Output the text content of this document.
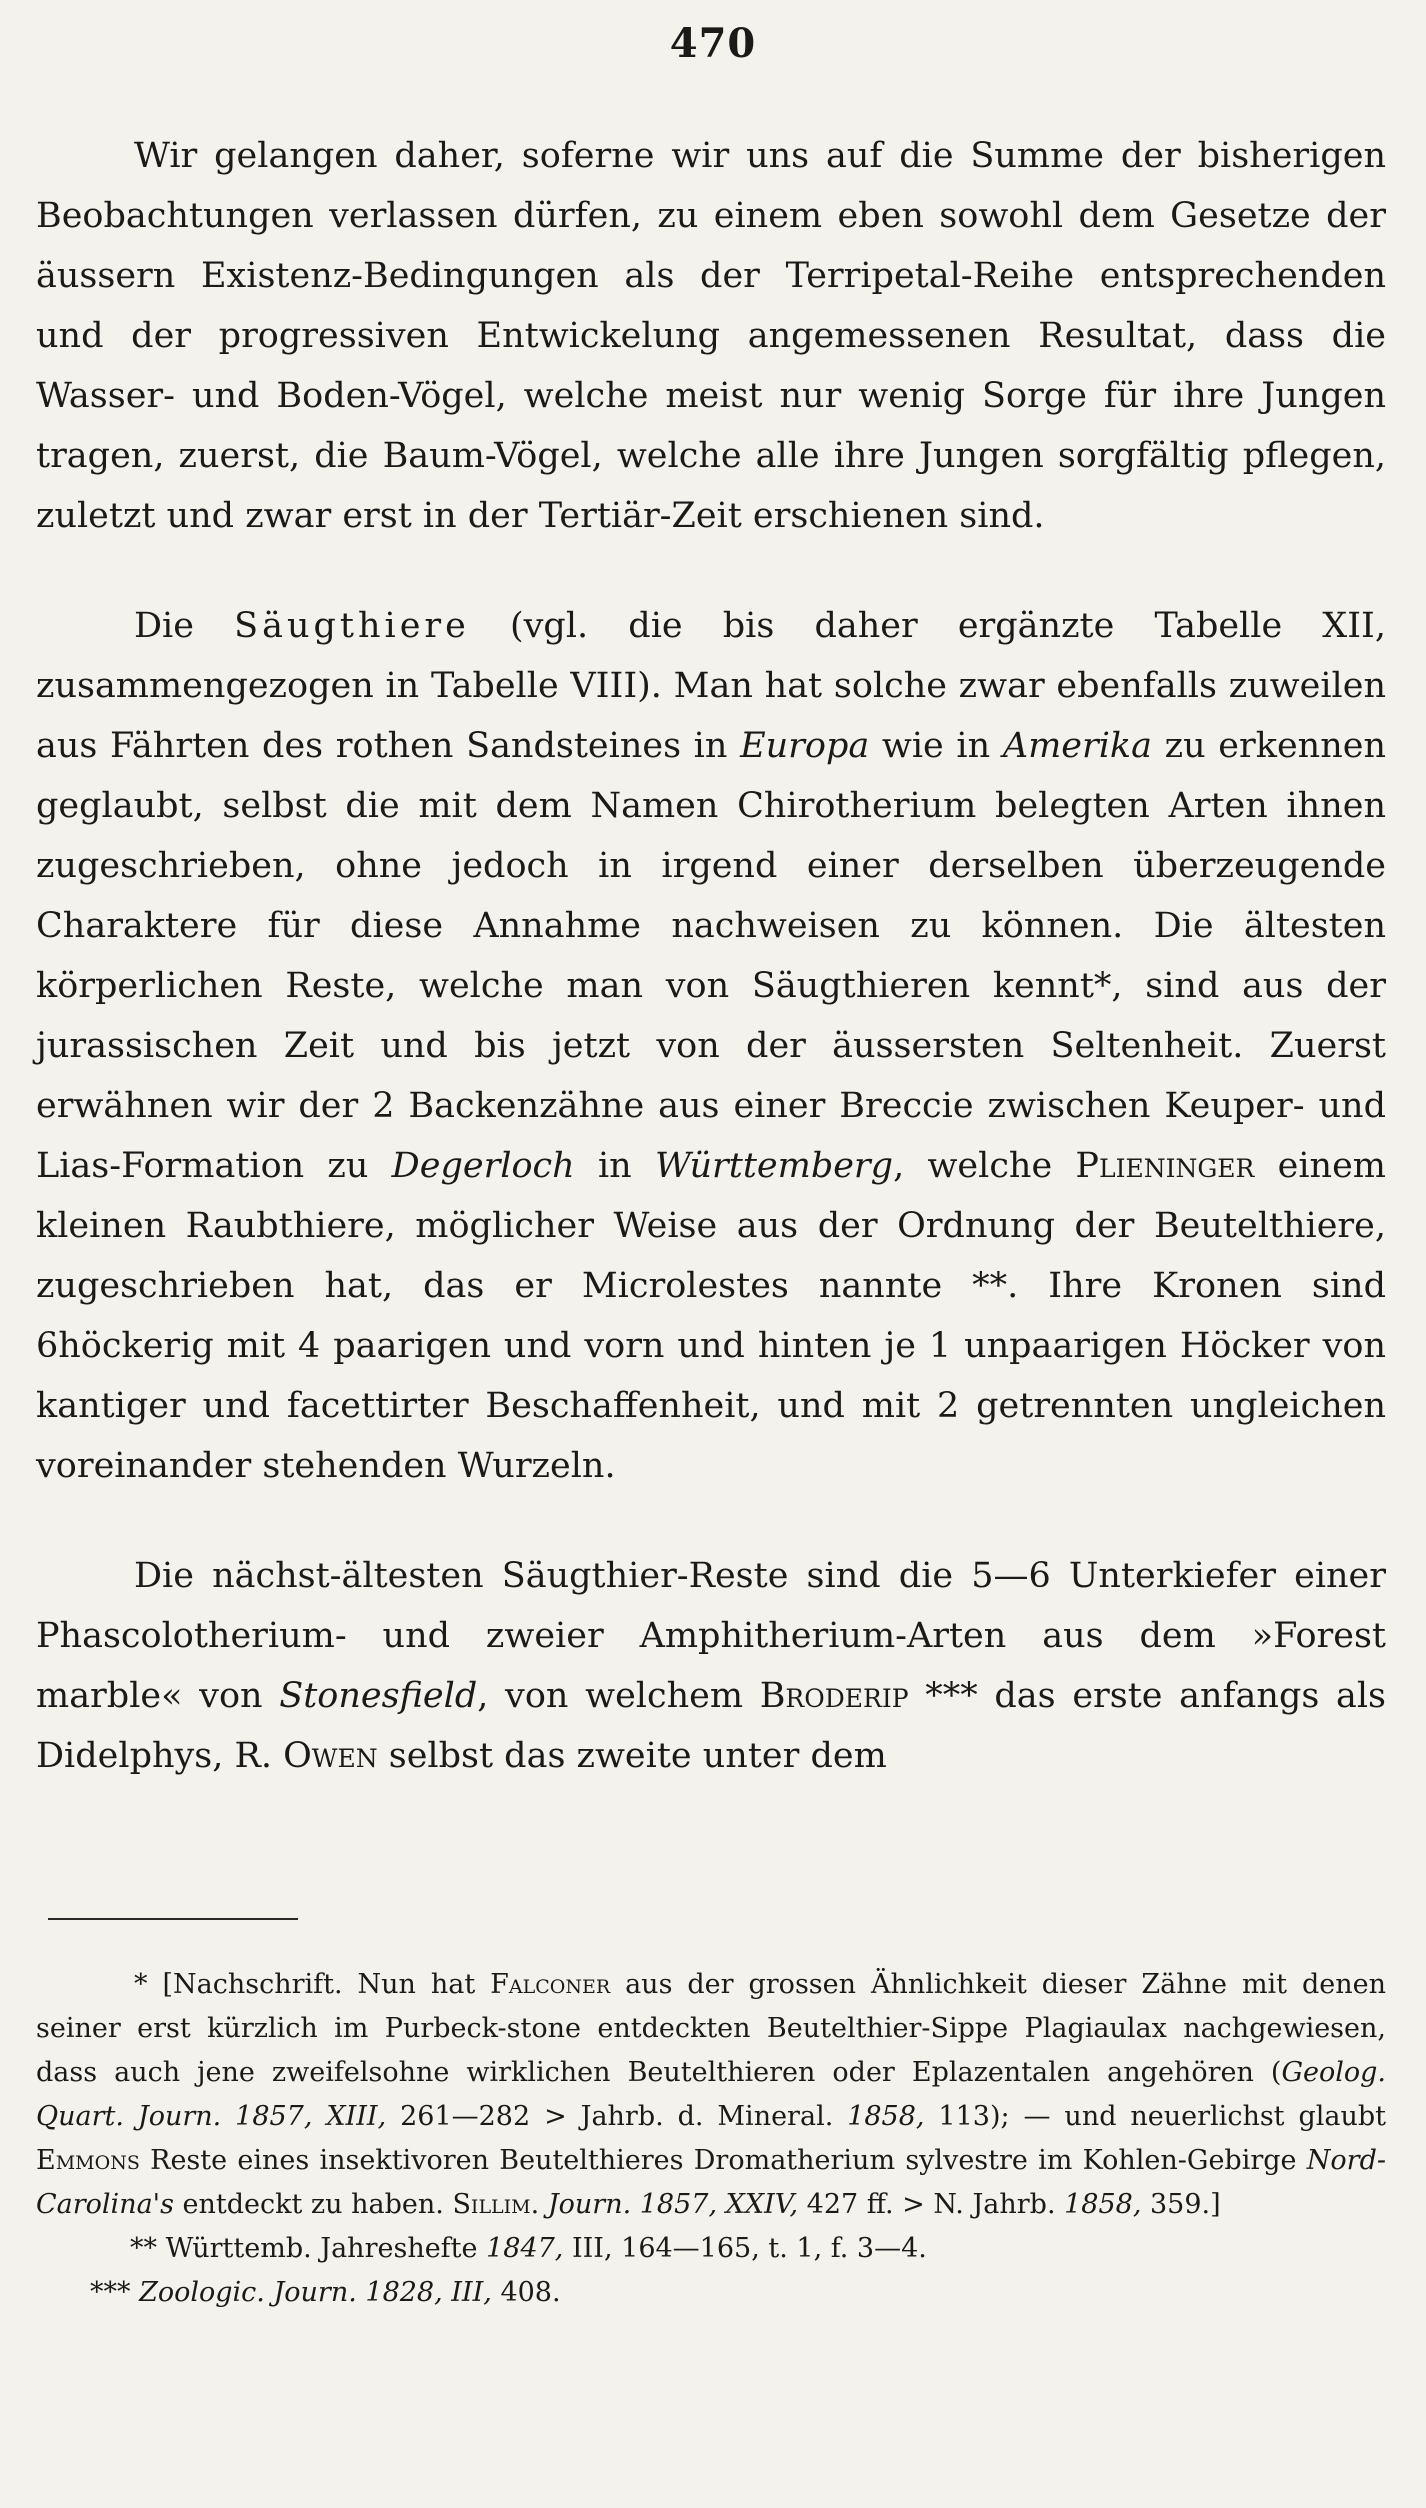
470

Wir gelangen daher, soferne wir uns auf die Summe der bisherigen Beobachtungen verlassen dürfen, zu einem eben sowohl dem Gesetze der äussern Existenz-Bedingungen als der Terripetal-Reihe entsprechenden und der progressiven Entwickelung angemessenen Resultat, dass die Wasser- und Boden-Vögel, welche meist nur wenig Sorge für ihre Jungen tragen, zuerst, die Baum-Vögel, welche alle ihre Jungen sorgfältig pflegen, zuletzt und zwar erst in der Tertiär-Zeit erschienen sind.

Die Säugthiere (vgl. die bis daher ergänzte Tabelle XII, zusammengezogen in Tabelle VIII). Man hat solche zwar ebenfalls zuweilen aus Fährten des rothen Sandsteines in Europa wie in Amerika zu erkennen geglaubt, selbst die mit dem Namen Chirotherium belegten Arten ihnen zugeschrieben, ohne jedoch in irgend einer derselben überzeugende Charaktere für diese Annahme nachweisen zu können. Die ältesten körperlichen Reste, welche man von Säugthieren kennt*, sind aus der jurassischen Zeit und bis jetzt von der äussersten Seltenheit. Zuerst erwähnen wir der 2 Backenzähne aus einer Breccie zwischen Keuper- und Lias-Formation zu Degerloch in Württemberg, welche Plieninger einem kleinen Raubthiere, möglicher Weise aus der Ordnung der Beutelthiere, zugeschrieben hat, das er Microlestes nannte **. Ihre Kronen sind 6höckerig mit 4 paarigen und vorn und hinten je 1 unpaarigen Höcker von kantiger und facettirter Beschaffenheit, und mit 2 getrennten ungleichen voreinander stehenden Wurzeln.

Die nächst-ältesten Säugthier-Reste sind die 5—6 Unterkiefer einer Phascolotherium- und zweier Amphitherium-Arten aus dem »Forest marble« von Stonesfield, von welchem Broderip *** das erste anfangs als Didelphys, R. Owen selbst das zweite unter dem

* [Nachschrift. Nun hat Falconer aus der grossen Ähnlichkeit dieser Zähne mit denen seiner erst kürzlich im Purbeck-stone entdeckten Beutelthier-Sippe Plagiaulax nachgewiesen, dass auch jene zweifelsohne wirklichen Beutelthieren oder Eplazentalen angehören (Geolog. Quart. Journ. 1857, XIII, 261—282 > Jahrb. d. Mineral. 1858, 113); — und neuerlichst glaubt Emmons Reste eines insektivoren Beutelthieres Dromatherium sylvestre im Kohlen-Gebirge Nord-Carolina's entdeckt zu haben. Sillim. Journ. 1857, XXIV, 427 ff. > N. Jahrb. 1858, 359.]

** Württemb. Jahreshefte 1847, III, 164—165, t. 1, f. 3—4.

*** Zoologic. Journ. 1828, III, 408.
